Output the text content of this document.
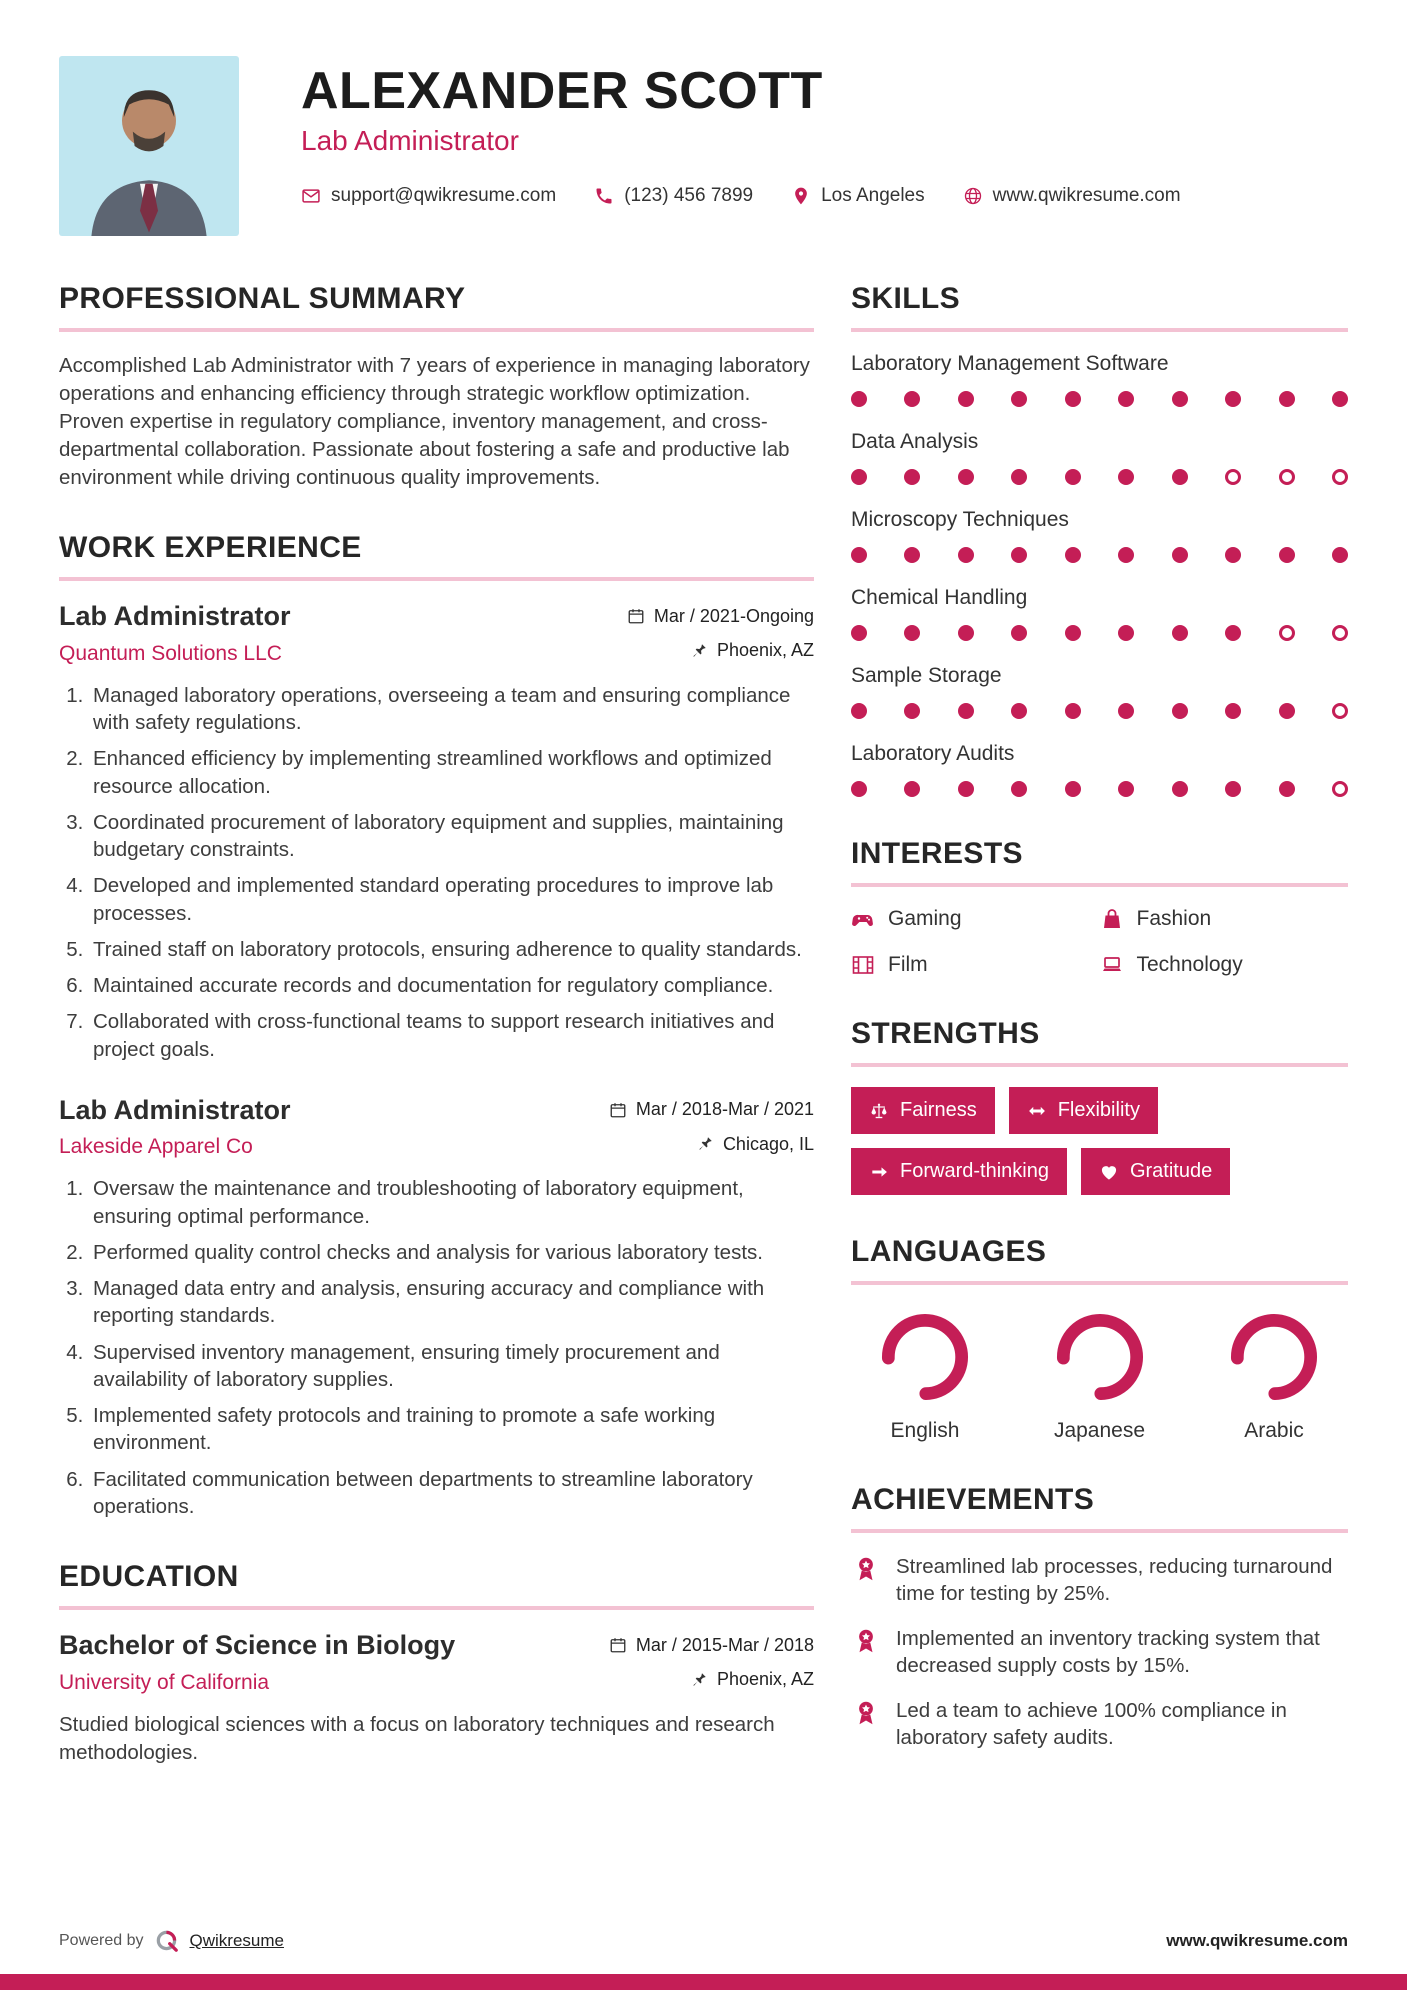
ALEXANDER SCOTT
Lab Administrator
support@qwikresume.com	(123) 456 7899	Los Angeles	www.qwikresume.com
PROFESSIONAL SUMMARY

Accomplished Lab Administrator with 7 years of experience in managing laboratory operations and enhancing efficiency through strategic workflow optimization. Proven expertise in regulatory compliance, inventory management, and cross-departmental collaboration. Passionate about fostering a safe and productive lab environment while driving continuous quality improvements.

WORK EXPERIENCE
Lab Administrator	Mar / 2021-Ongoing
Quantum Solutions LLC	Phoenix, AZ
1. Managed laboratory operations, overseeing a team and ensuring compliance with safety regulations.
2. Enhanced efficiency by implementing streamlined workflows and optimized resource allocation.
3. Coordinated procurement of laboratory equipment and supplies, maintaining budgetary constraints.
4. Developed and implemented standard operating procedures to improve lab processes.
5. Trained staff on laboratory protocols, ensuring adherence to quality standards.
6. Maintained accurate records and documentation for regulatory compliance.
7. Collaborated with cross-functional teams to support research initiatives and project goals.
Lab Administrator	Mar / 2018-Mar / 2021
Lakeside Apparel Co	Chicago, IL
1. Oversaw the maintenance and troubleshooting of laboratory equipment, ensuring optimal performance.
2. Performed quality control checks and analysis for various laboratory tests.
3. Managed data entry and analysis, ensuring accuracy and compliance with reporting standards.
4. Supervised inventory management, ensuring timely procurement and availability of laboratory supplies.
5. Implemented safety protocols and training to promote a safe working environment.
6. Facilitated communication between departments to streamline laboratory operations.
EDUCATION
Bachelor of Science in Biology	Mar / 2015-Mar / 2018
University of California	Phoenix, AZ

Studied biological sciences with a focus on laboratory techniques and research methodologies.

SKILLS
Laboratory Management Software
Data Analysis
Microscopy Techniques
Chemical Handling
Sample Storage
Laboratory Audits
INTERESTS
Gaming	Fashion
Film	Technology
STRENGTHS
Fairness	Flexibility
Forward-thinking	Gratitude
LANGUAGES
English	Japanese	Arabic
ACHIEVEMENTS
Streamlined lab processes, reducing turnaround time for testing by 25%.
Implemented an inventory tracking system that decreased supply costs by 15%.
Led a team to achieve 100% compliance in laboratory safety audits.
Powered by	Qwikresume	www.qwikresume.com
